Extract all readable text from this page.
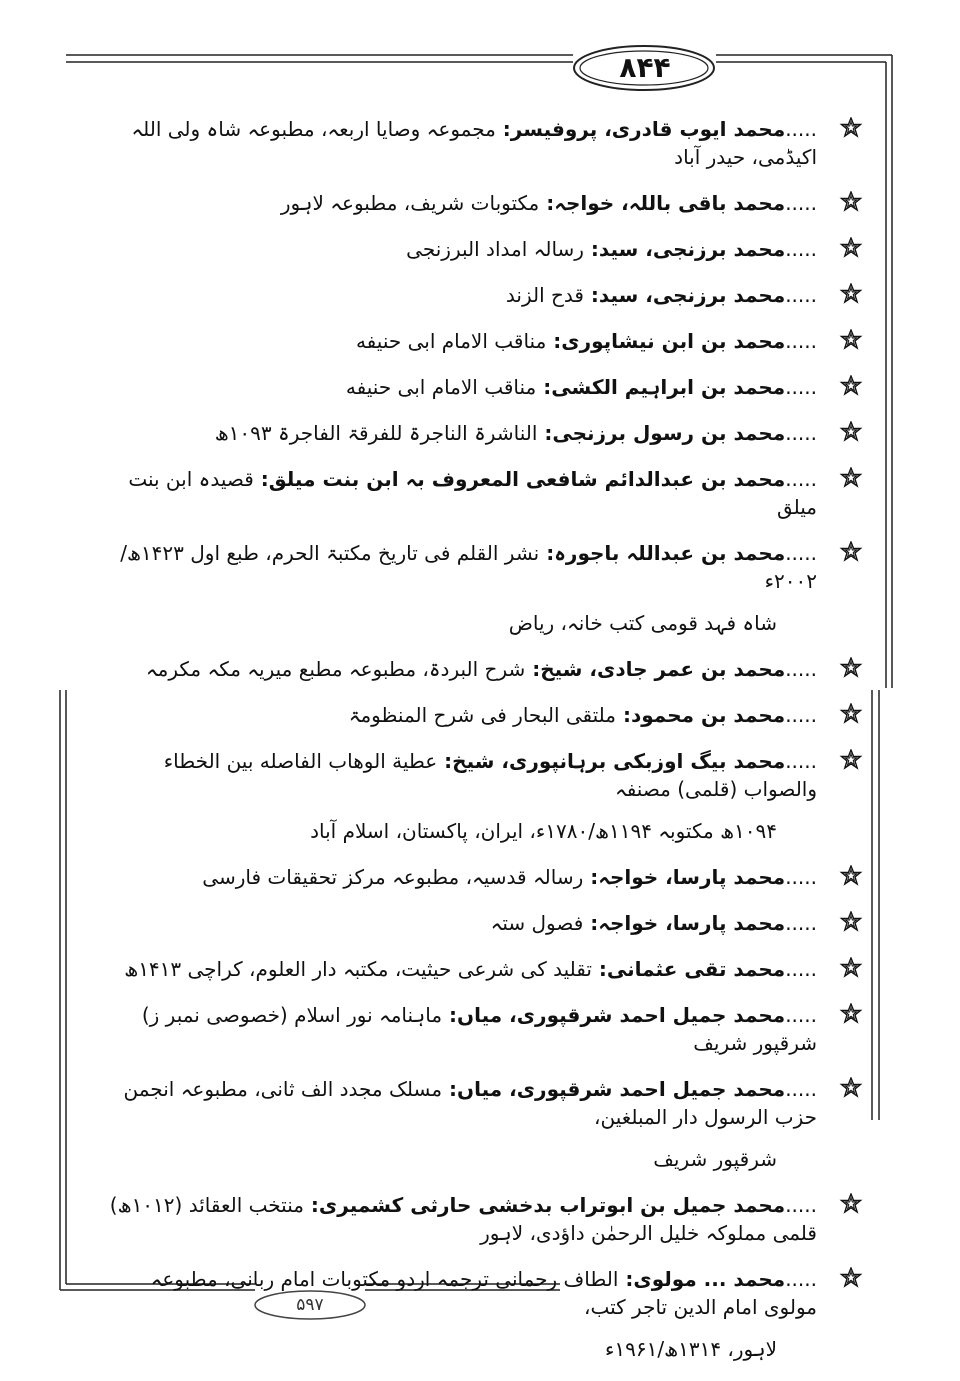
۸۴۴
۵۹۷
.....محمد ایوب قادری، پروفیسر: مجموعہ وصایا اربعہ، مطبوعہ شاہ ولی اللہ اکیڈمی، حیدر آباد
.....محمد باقی باللہ، خواجہ: مکتوبات شریف، مطبوعہ لاہور
.....محمد برزنجی، سید: رسالہ امداد البرزنجی
.....محمد برزنجی، سید: قدح الزند
.....محمد بن ابن نیشاپوری: مناقب الامام ابی حنیفه
.....محمد بن ابراہیم الکشی: مناقب الامام ابی حنیفه
.....محمد بن رسول برزنجی: الناشرۃ الناجرۃ للفرقۃ الفاجرۃ ۱۰۹۳ھ
.....محمد بن عبدالدائم شافعی المعروف بہ ابن بنت میلق: قصیدہ ابن بنت میلق
.....محمد بن عبداللہ باجورہ: نشر القلم فی تاریخ مکتبۃ الحرم، طبع اول ۱۴۲۳ھ/۲۰۰۲ء
شاہ فہد قومی کتب خانہ، ریاض
.....محمد بن عمر جادی، شیخ: شرح البردۃ، مطبوعہ مطبع میریہ مکہ مکرمہ
.....محمد بن محمود: ملتقی البحار فی شرح المنظومۃ
.....محمد بیگ اوزبکی برہانپوری، شیخ: عطیة الوهاب الفاصله بین الخطاء والصواب (قلمی) مصنفہ
۱۰۹۴ھ مکتوبہ ۱۱۹۴ھ/۱۷۸۰ء، ایران، پاکستان، اسلام آباد
.....محمد پارسا، خواجہ: رسالہ قدسیہ، مطبوعہ مرکز تحقیقات فارسی
.....محمد پارسا، خواجہ: فصول ستہ
.....محمد تقی عثمانی: تقلید کی شرعی حیثیت، مکتبہ دار العلوم، کراچی ۱۴۱۳ھ
.....محمد جمیل احمد شرقپوری، میاں: ماہنامہ نور اسلام (خصوصی نمبر ز) شرقپور شریف
.....محمد جمیل احمد شرقپوری، میاں: مسلک مجدد الف ثانی، مطبوعہ انجمن حزب الرسول دار المبلغین،
شرقپور شریف
.....محمد جمیل بن ابوتراب بدخشی حارثی کشمیری: منتخب العقائد (۱۰۱۲ھ) قلمی مملوکہ خلیل الرحمٰن داؤدی، لاہور
.....محمد ... مولوی: الطاف رحمانی ترجمہ اردو مکتوبات امام ربانی، مطبوعہ مولوی امام الدین تاجر کتب،
لاہور، ۱۳۱۴ھ/۱۹۶۱ء
